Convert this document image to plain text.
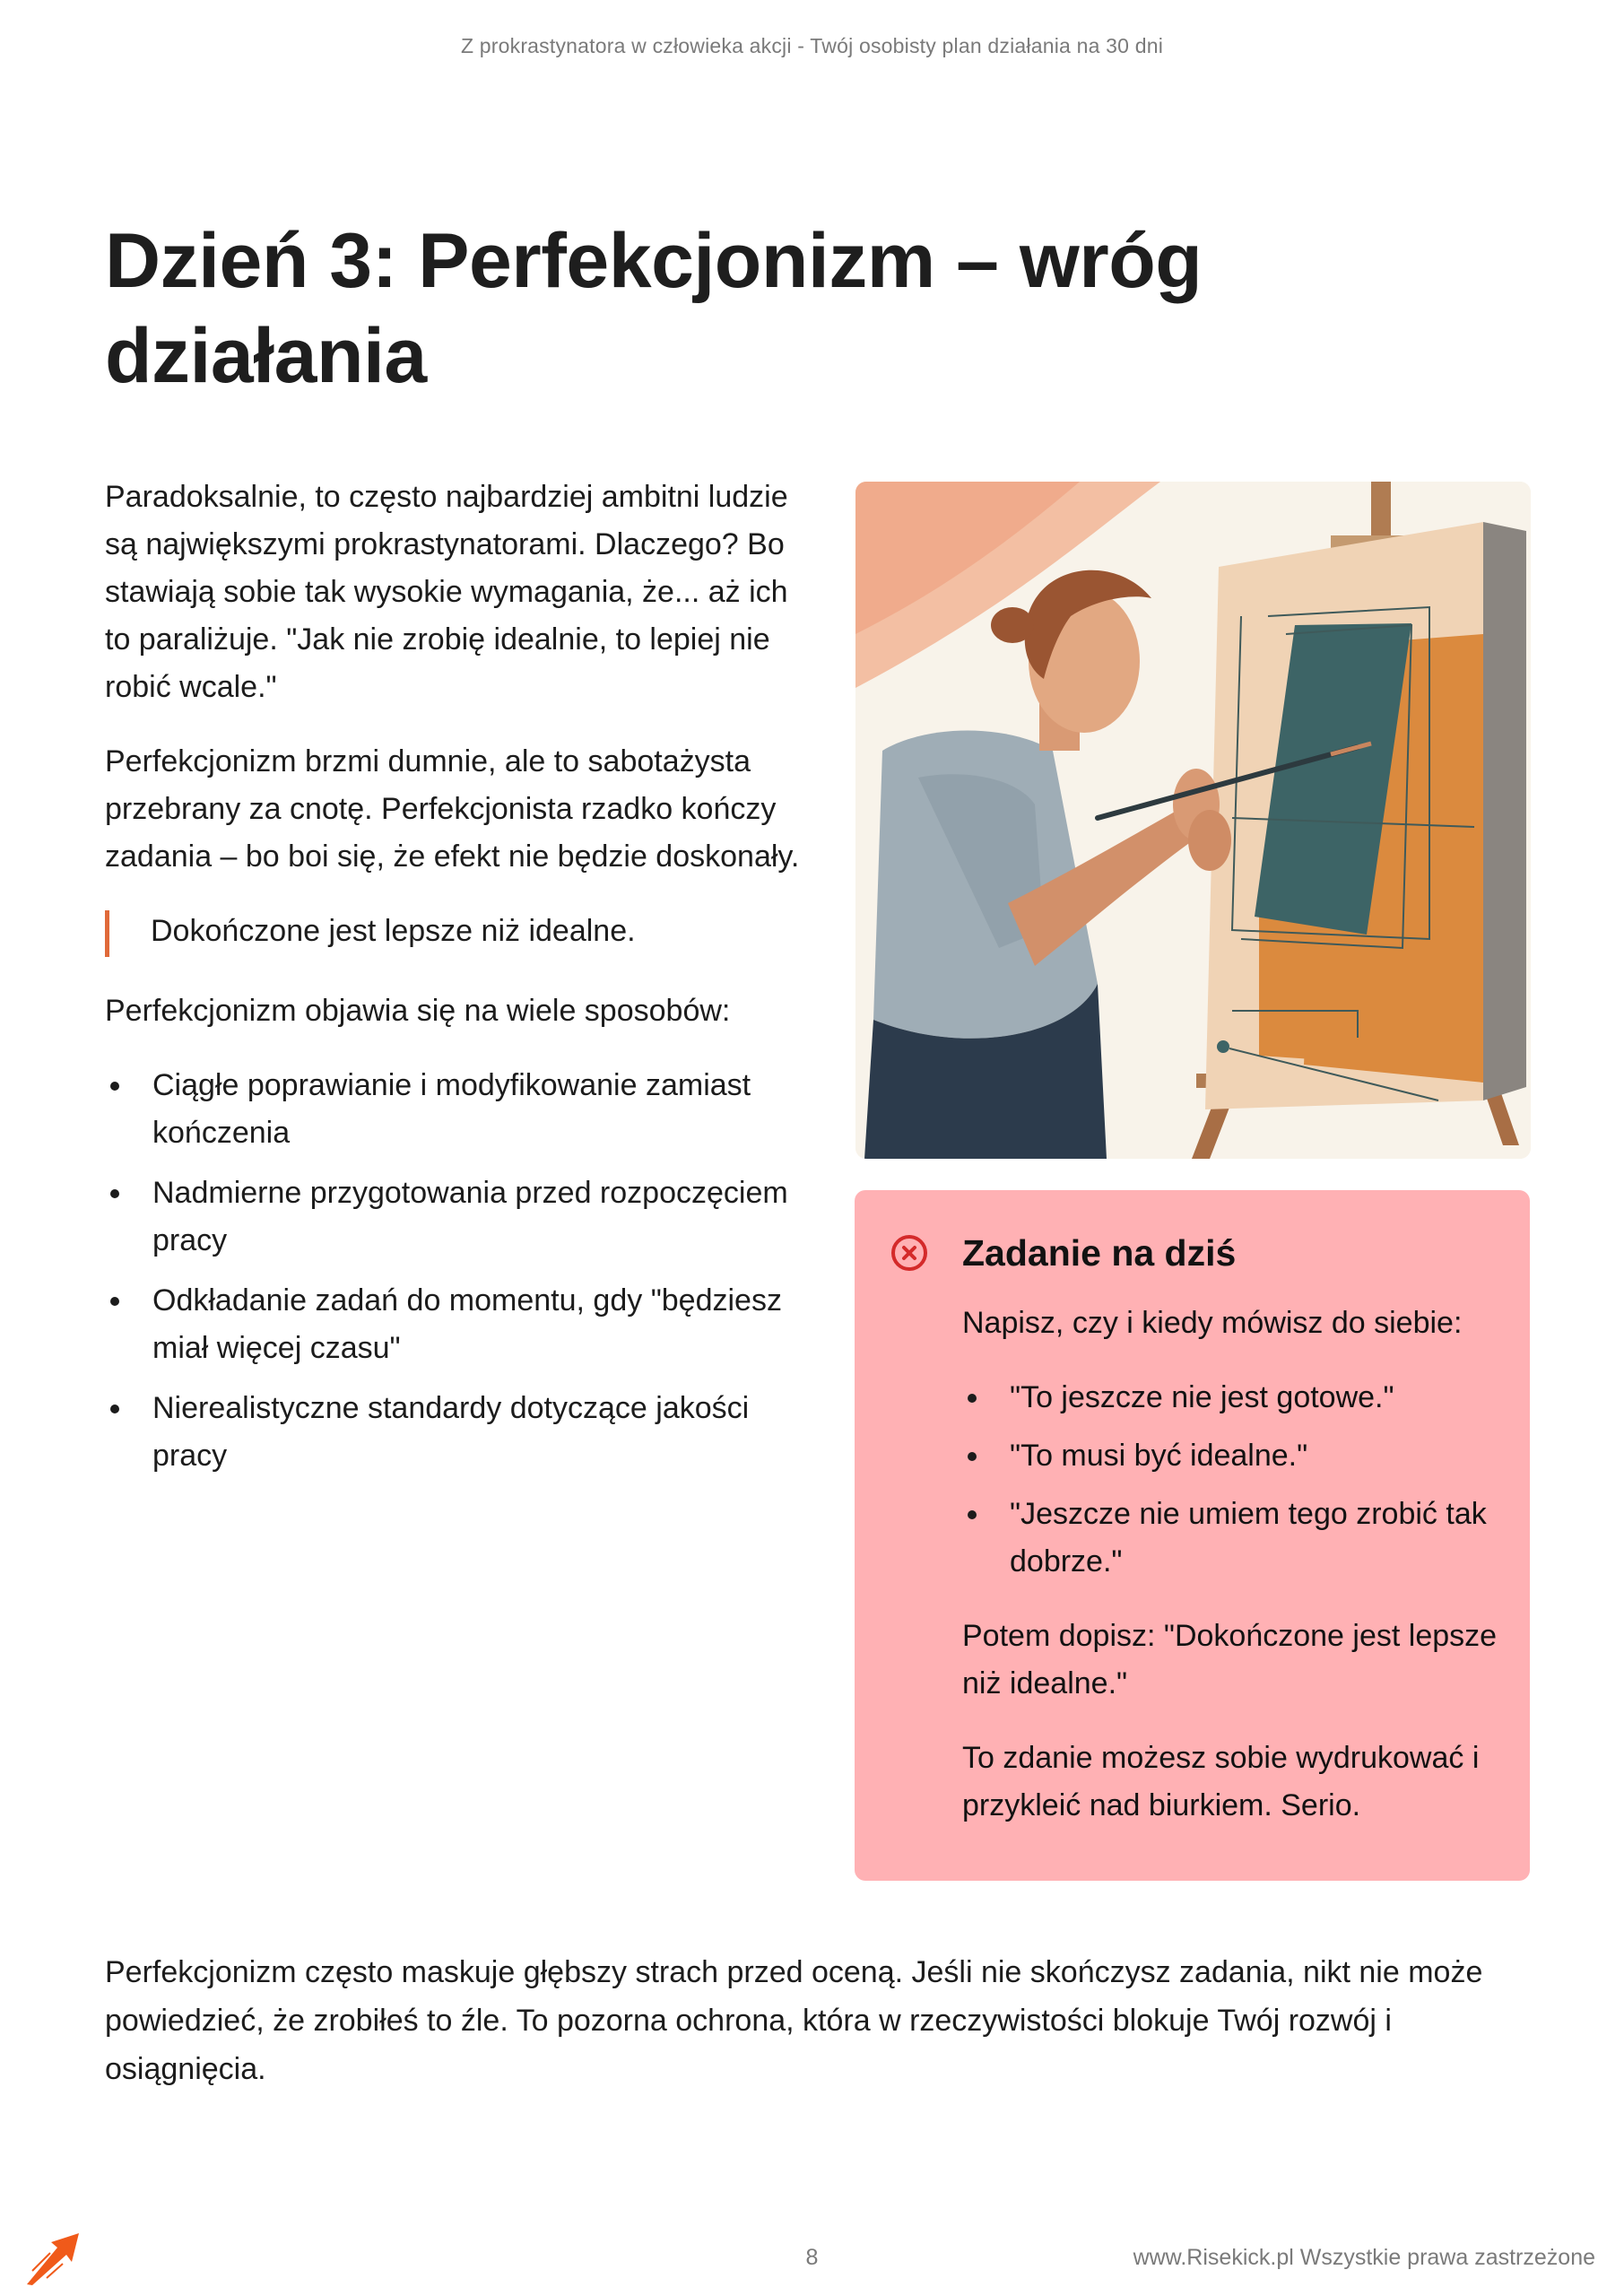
Z prokrastynatora w człowieka akcji - Twój osobisty plan działania na 30 dni
Dzień 3: Perfekcjonizm – wróg działania

Paradoksalnie, to często najbardziej ambitni ludzie są największymi prokrastynatorami. Dlaczego? Bo stawiają sobie tak wysokie wymagania, że... aż ich to paraliżuje. "Jak nie zrobię idealnie, to lepiej nie robić wcale."

Perfekcjonizm brzmi dumnie, ale to sabotażysta przebrany za cnotę. Perfekcjonista rzadko kończy zadania – bo boi się, że efekt nie będzie doskonały.

Dokończone jest lepsze niż idealne.

Perfekcjonizm objawia się na wiele sposobów:

Ciągłe poprawianie i modyfikowanie zamiast kończenia
Nadmierne przygotowania przed rozpoczęciem pracy
Odkładanie zadań do momentu, gdy "będziesz miał więcej czasu"
Nierealistyczne standardy dotyczące jakości pracy
Zadanie na dziś

Napisz, czy i kiedy mówisz do siebie:

"To jeszcze nie jest gotowe."
"To musi być idealne."
"Jeszcze nie umiem tego zrobić tak dobrze."

Potem dopisz: "Dokończone jest lepsze niż idealne."

To zdanie możesz sobie wydrukować i przykleić nad biurkiem. Serio.

Perfekcjonizm często maskuje głębszy strach przed oceną. Jeśli nie skończysz zadania, nikt nie może powiedzieć, że zrobiłeś to źle. To pozorna ochrona, która w rzeczywistości blokuje Twój rozwój i osiągnięcia.

8	www.Risekick.pl Wszystkie prawa zastrzeżone
